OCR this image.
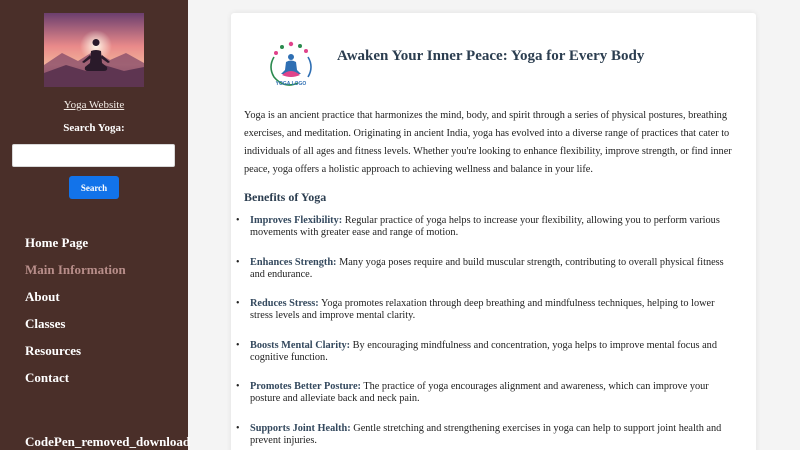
Yoga Website
Search Yoga:
Search
Home Page
Main Information
About
Classes
Resources
Contact
CodePen_removed_download
YOGA LOGO
Awaken Your Inner Peace: Yoga for Every Body

Yoga is an ancient practice that harmonizes the mind, body, and spirit through a series of physical postures, breathing exercises, and meditation. Originating in ancient India, yoga has evolved into a diverse range of practices that cater to individuals of all ages and fitness levels. Whether you're looking to enhance flexibility, improve strength, or find inner peace, yoga offers a holistic approach to achieving wellness and balance in your life.

Benefits of Yoga
• Improves Flexibility: Regular practice of yoga helps to increase your flexibility, allowing you to perform various movements with greater ease and range of motion.
• Enhances Strength: Many yoga poses require and build muscular strength, contributing to overall physical fitness and endurance.
• Reduces Stress: Yoga promotes relaxation through deep breathing and mindfulness techniques, helping to lower stress levels and improve mental clarity.
• Boosts Mental Clarity: By encouraging mindfulness and concentration, yoga helps to improve mental focus and cognitive function.
• Promotes Better Posture: The practice of yoga encourages alignment and awareness, which can improve your posture and alleviate back and neck pain.
• Supports Joint Health: Gentle stretching and strengthening exercises in yoga can help to support joint health and prevent injuries.
